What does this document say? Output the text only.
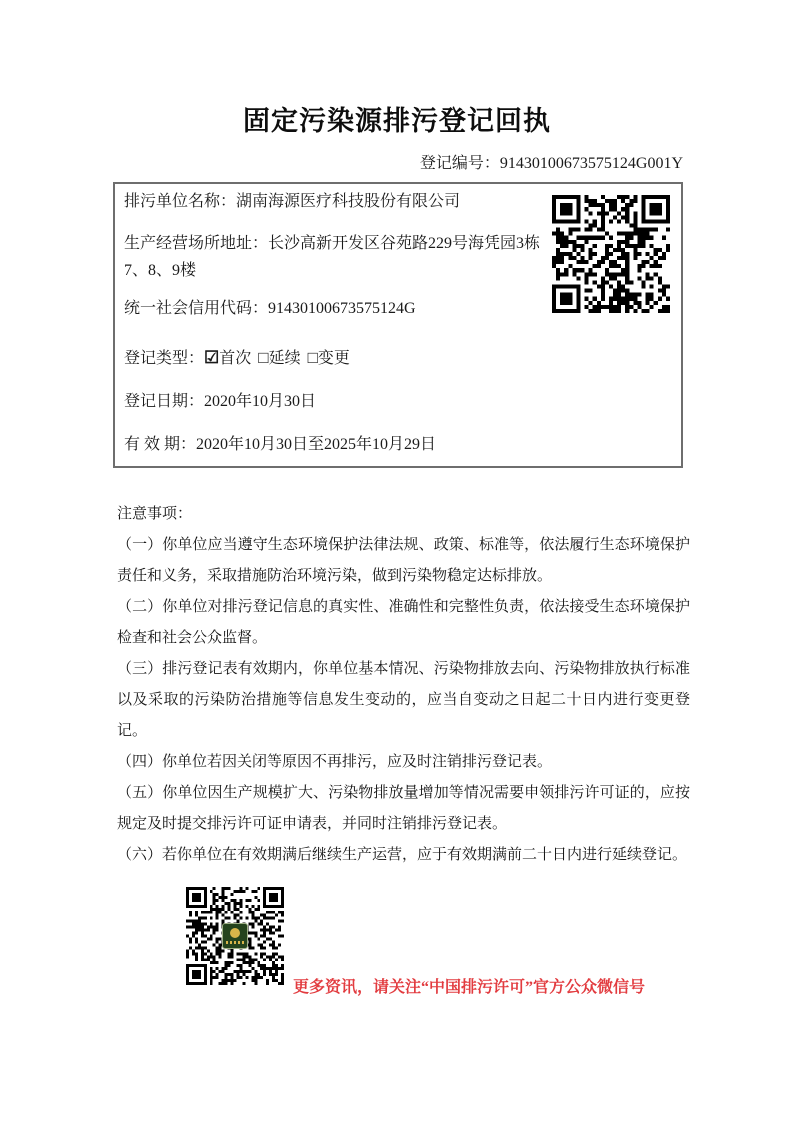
固定污染源排污登记回执
登记编号：91430100673575124G001Y
排污单位名称：湖南海源医疗科技股份有限公司
生产经营场所地址：长沙高新开发区谷苑路229号海凭园3栋7、8、9楼
统一社会信用代码：91430100673575124G
登记类型：☑首次 □延续 □变更
登记日期：2020年10月30日
有 效 期：2020年10月30日至2025年10月29日

注意事项：

（一）你单位应当遵守生态环境保护法律法规、政策、标准等，依法履行生态环境保护责任和义务，采取措施防治环境污染，做到污染物稳定达标排放。

（二）你单位对排污登记信息的真实性、准确性和完整性负责，依法接受生态环境保护检查和社会公众监督。

（三）排污登记表有效期内，你单位基本情况、污染物排放去向、污染物排放执行标准以及采取的污染防治措施等信息发生变动的，应当自变动之日起二十日内进行变更登记。

（四）你单位若因关闭等原因不再排污，应及时注销排污登记表。

（五）你单位因生产规模扩大、污染物排放量增加等情况需要申领排污许可证的，应按规定及时提交排污许可证申请表，并同时注销排污登记表。

（六）若你单位在有效期满后继续生产运营，应于有效期满前二十日内进行延续登记。

更多资讯，请关注“中国排污许可”官方公众微信号
